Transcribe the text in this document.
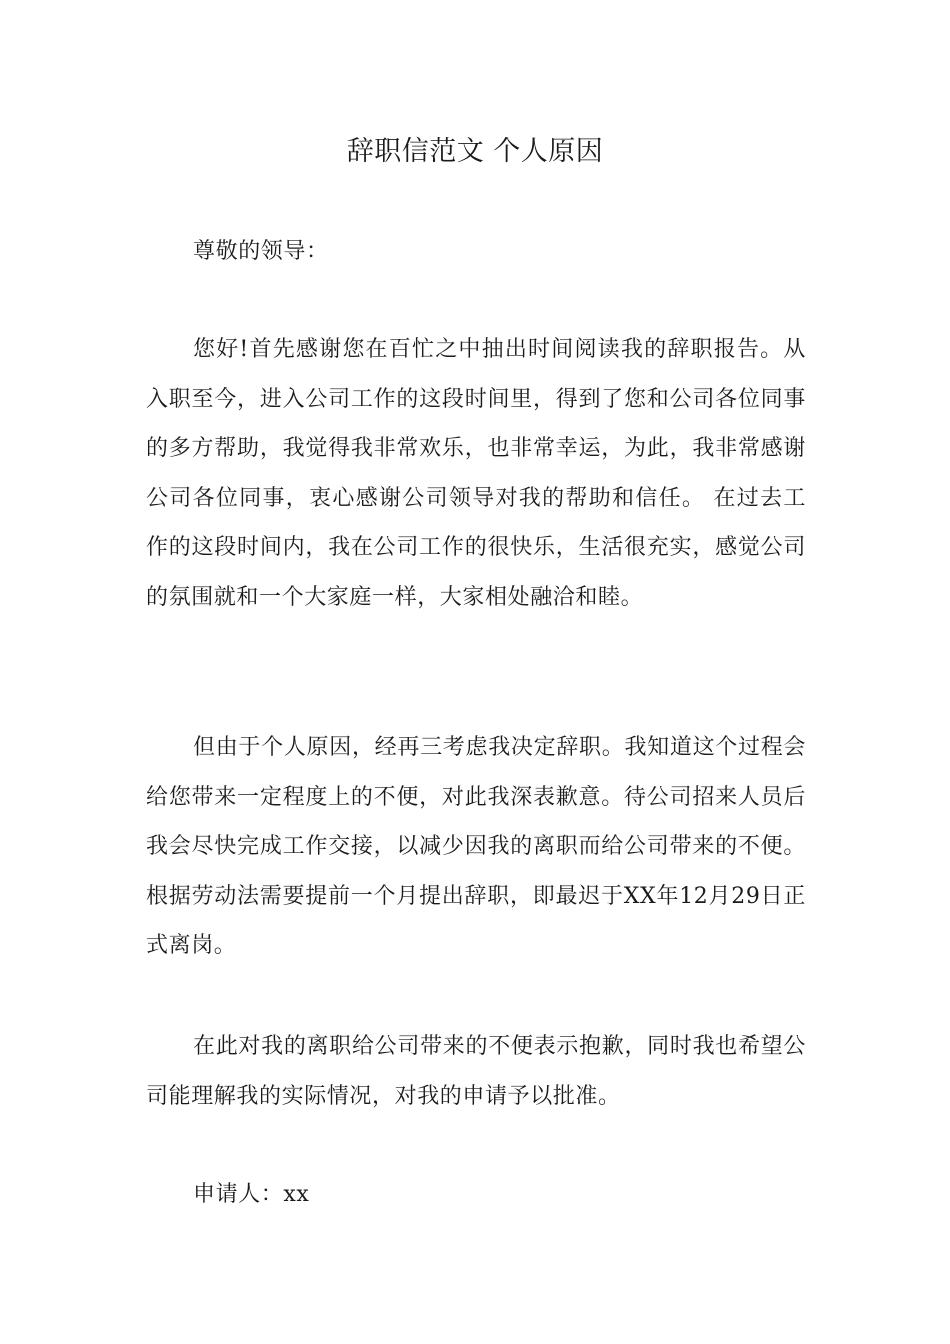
辞职信范文 个人原因

尊敬的领导：

您好!首先感谢您在百忙之中抽出时间阅读我的辞职报告。从入职至今，进入公司工作的这段时间里，得到了您和公司各位同事的多方帮助，我觉得我非常欢乐，也非常幸运，为此，我非常感谢公司各位同事，衷心感谢公司领导对我的帮助和信任。 在过去工作的这段时间内，我在公司工作的很快乐，生活很充实，感觉公司的氛围就和一个大家庭一样，大家相处融洽和睦。

但由于个人原因，经再三考虑我决定辞职。我知道这个过程会给您带来一定程度上的不便，对此我深表歉意。待公司招来人员后我会尽快完成工作交接，以减少因我的离职而给公司带来的不便。根据劳动法需要提前一个月提出辞职，即最迟于XX年12月29日正式离岗。

在此对我的离职给公司带来的不便表示抱歉，同时我也希望公司能理解我的实际情况，对我的申请予以批准。

申请人：xx
